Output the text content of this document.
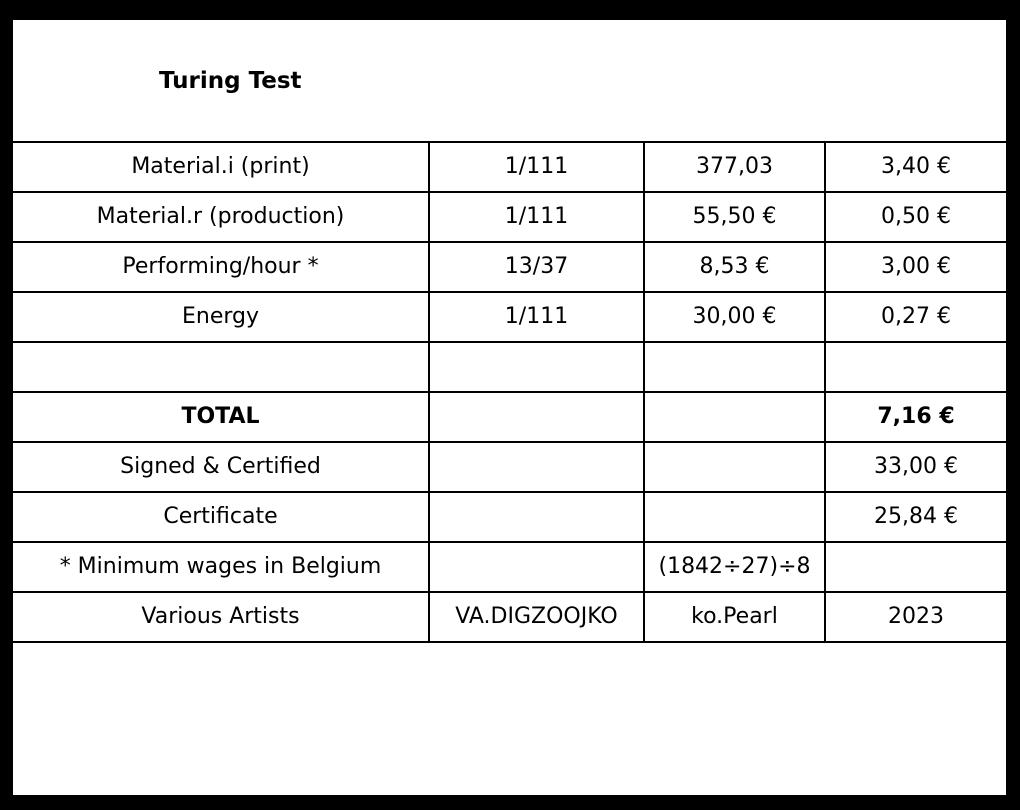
Turing Test
Material.i (print)	1/111	377,03	3,40 €
Material.r (production)	1/111	55,50 €	0,50 €
Performing/hour *	13/37	8,53 €	3,00 €
Energy	1/111	30,00 €	0,27 €

TOTAL			7,16 €
Signed & Certified			33,00 €
Certificate			25,84 €
* Minimum wages in Belgium		(1842÷27)÷8	
Various Artists	VA.DIGZOOJKO	ko.Pearl	2023
